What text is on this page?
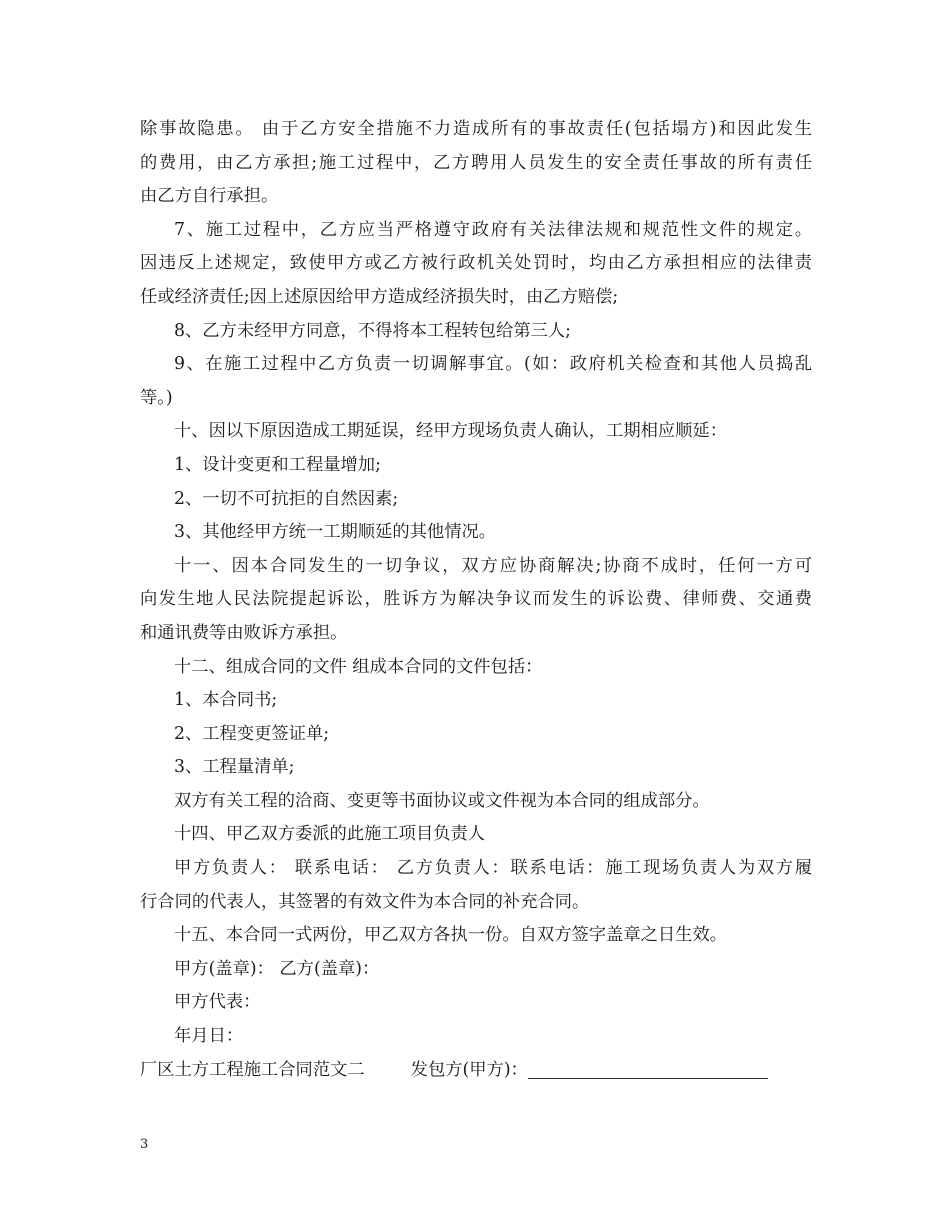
除事故隐患。 由于乙方安全措施不力造成所有的事故责任(包括塌方)和因此发生
的费用，由乙方承担;施工过程中，乙方聘用人员发生的安全责任事故的所有责任
由乙方自行承担。
7、施工过程中，乙方应当严格遵守政府有关法律法规和规范性文件的规定。
因违反上述规定，致使甲方或乙方被行政机关处罚时，均由乙方承担相应的法律责
任或经济责任;因上述原因给甲方造成经济损失时，由乙方赔偿;
8、乙方未经甲方同意，不得将本工程转包给第三人;
9、在施工过程中乙方负责一切调解事宜。(如：政府机关检查和其他人员捣乱
等。)
十、因以下原因造成工期延误，经甲方现场负责人确认，工期相应顺延：
1、设计变更和工程量增加;
2、一切不可抗拒的自然因素;
3、其他经甲方统一工期顺延的其他情况。
十一、因本合同发生的一切争议，双方应协商解决;协商不成时，任何一方可
向发生地人民法院提起诉讼，胜诉方为解决争议而发生的诉讼费、律师费、交通费
和通讯费等由败诉方承担。
十二、组成合同的文件 组成本合同的文件包括：
1、本合同书;
2、工程变更签证单;
3、工程量清单;
双方有关工程的洽商、变更等书面协议或文件视为本合同的组成部分。
十四、甲乙双方委派的此施工项目负责人
甲方负责人： 联系电话： 乙方负责人：联系电话：施工现场负责人为双方履
行合同的代表人，其签署的有效文件为本合同的补充合同。
十五、本合同一式两份，甲乙双方各执一份。自双方签字盖章之日生效。
甲方(盖章)： 乙方(盖章)：
甲方代表：
年月日：
厂区土方工程施工合同范文二	发包方(甲方)：
3
